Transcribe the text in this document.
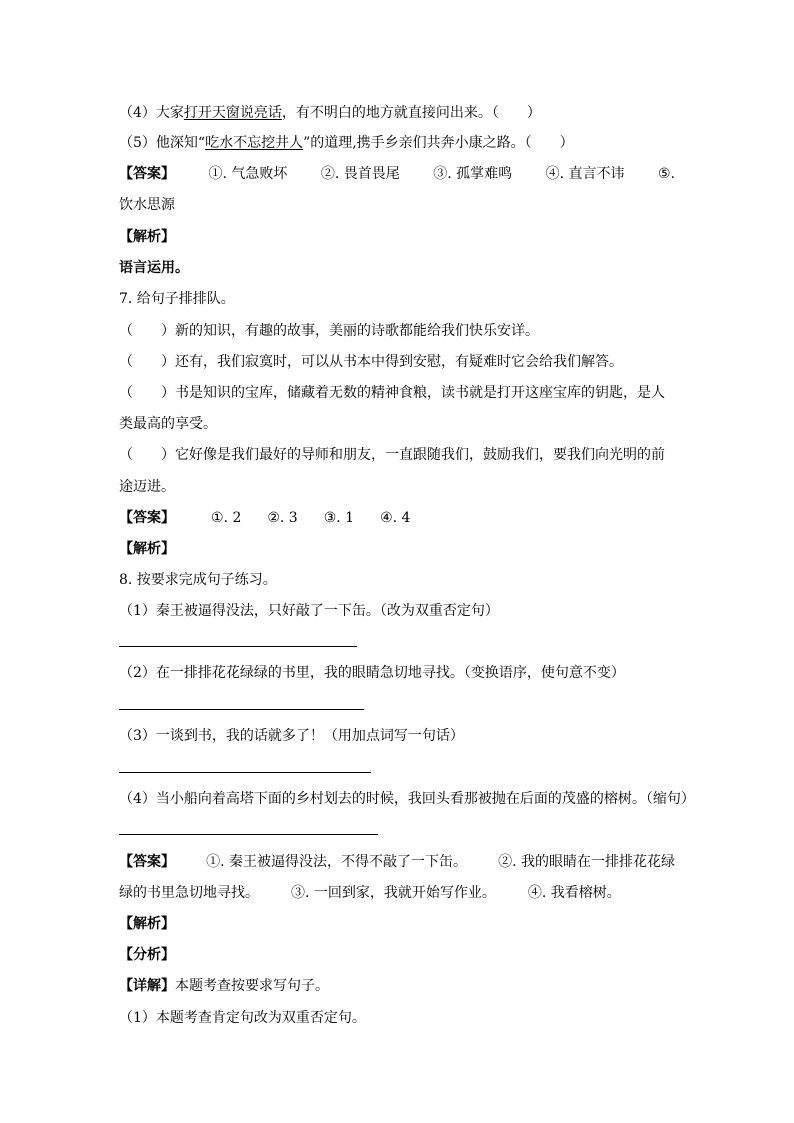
（4）大家打开天窗说亮话，有不明白的地方就直接问出来。（　　）
（5）他深知“吃水不忘挖井人”的道理,携手乡亲们共奔小康之路。（　　）
【答案】 ①. 气急败坏 ②. 畏首畏尾 ③. 孤掌难鸣 ④. 直言不讳 ⑤.
饮水思源
【解析】
语言运用。
7. 给句子排排队。
（　　）新的知识，有趣的故事，美丽的诗歌都能给我们快乐安详。
（　　）还有，我们寂寞时，可以从书本中得到安慰，有疑难时它会给我们解答。
（　　）书是知识的宝库，储藏着无数的精神食粮，读书就是打开这座宝库的钥匙，是人
类最高的享受。
（　　）它好像是我们最好的导师和朋友，一直跟随我们，鼓励我们，要我们向光明的前
途迈进。
【答案】	①. 2 ②. 3 ③. 1 ④. 4
【解析】
8. 按要求完成句子练习。
（1）秦王被逼得没法，只好敲了一下缶。（改为双重否定句）
（2）在一排排花花绿绿的书里，我的眼睛急切地寻找。（变换语序，使句意不变）
（3）一谈到书，我的话就多了！（用加点词写一句话）
（4）当小船向着高塔下面的乡村划去的时候，我回头看那被抛在后面的茂盛的榕树。（缩句）
【答案】 ①. 秦王被逼得没法，不得不敲了一下缶。 ②. 我的眼睛在一排排花花绿
绿的书里急切地寻找。 ③. 一回到家，我就开始写作业。 ④. 我看榕树。
【解析】
【分析】
【详解】本题考查按要求写句子。
（1）本题考查肯定句改为双重否定句。
